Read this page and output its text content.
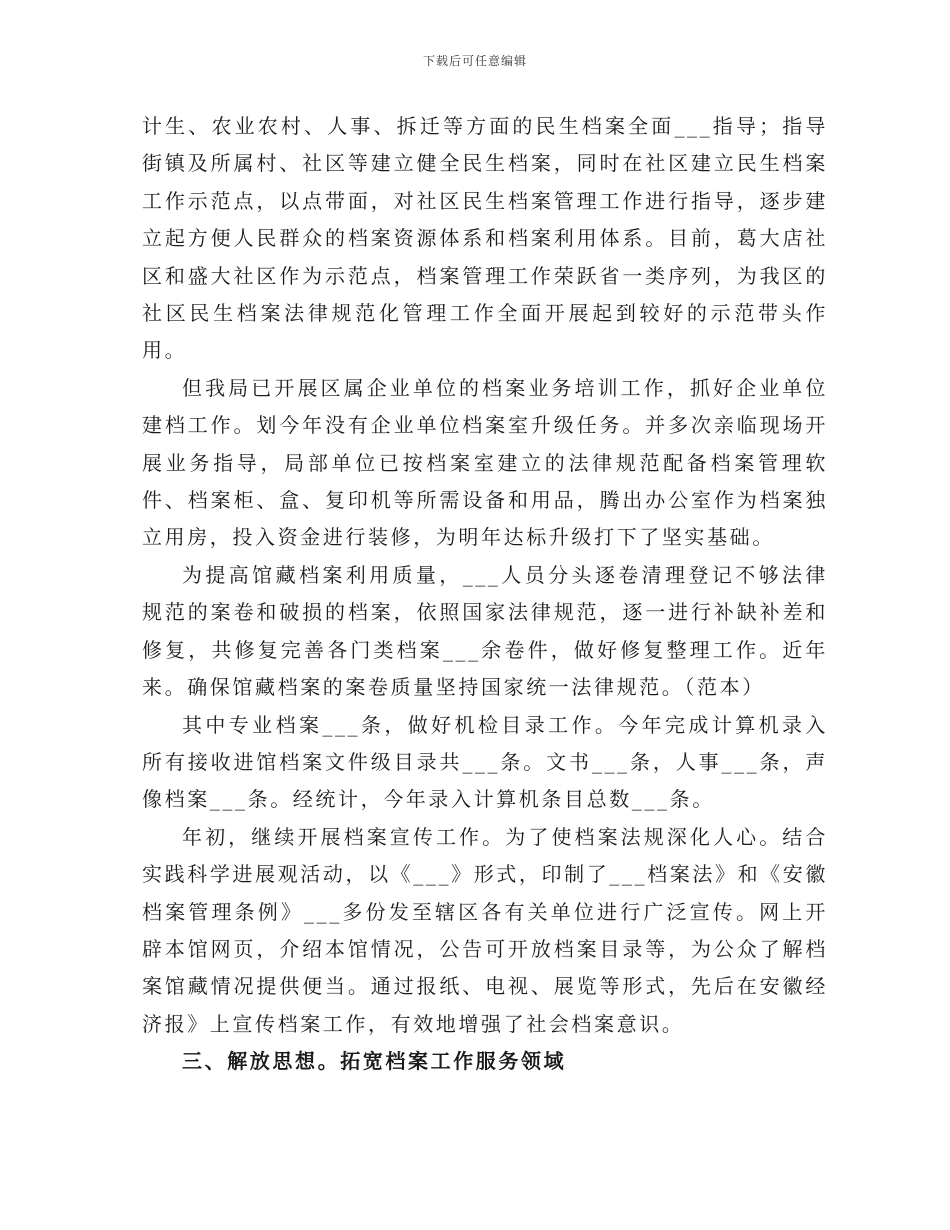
下载后可任意编辑

计生、农业农村、人事、拆迁等方面的民生档案全面___指导；指导街镇及所属村、社区等建立健全民生档案，同时在社区建立民生档案工作示范点，以点带面，对社区民生档案管理工作进行指导，逐步建立起方便人民群众的档案资源体系和档案利用体系。目前，葛大店社区和盛大社区作为示范点，档案管理工作荣跃省一类序列，为我区的社区民生档案法律规范化管理工作全面开展起到较好的示范带头作用。

但我局已开展区属企业单位的档案业务培训工作，抓好企业单位建档工作。划今年没有企业单位档案室升级任务。并多次亲临现场开展业务指导，局部单位已按档案室建立的法律规范配备档案管理软件、档案柜、盒、复印机等所需设备和用品，腾出办公室作为档案独立用房，投入资金进行装修，为明年达标升级打下了坚实基础。

为提高馆藏档案利用质量，___人员分头逐卷清理登记不够法律规范的案卷和破损的档案，依照国家法律规范，逐一进行补缺补差和修复，共修复完善各门类档案___余卷件，做好修复整理工作。近年来。确保馆藏档案的案卷质量坚持国家统一法律规范。（范本）

其中专业档案___条，做好机检目录工作。今年完成计算机录入所有接收进馆档案文件级目录共___条。文书___条，人事___条，声像档案___条。经统计，今年录入计算机条目总数___条。

年初，继续开展档案宣传工作。为了使档案法规深化人心。结合实践科学进展观活动，以《___》形式，印制了___档案法》和《安徽档案管理条例》___多份发至辖区各有关单位进行广泛宣传。网上开辟本馆网页，介绍本馆情况，公告可开放档案目录等，为公众了解档案馆藏情况提供便当。通过报纸、电视、展览等形式，先后在安徽经济报》上宣传档案工作，有效地增强了社会档案意识。

三、解放思想。拓宽档案工作服务领域
